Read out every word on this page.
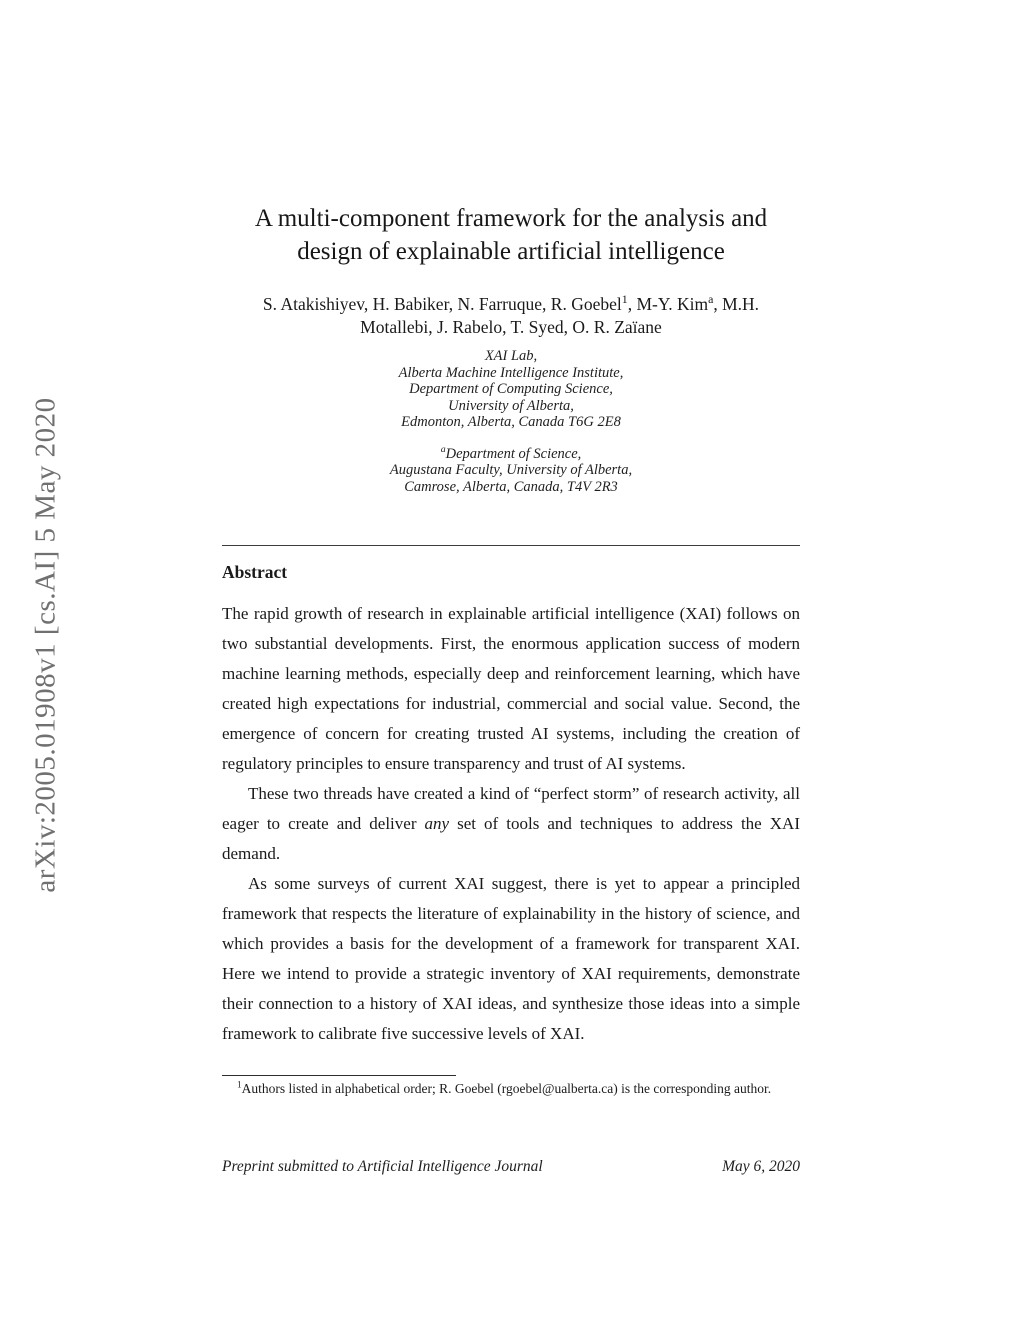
arXiv:2005.01908v1 [cs.AI] 5 May 2020
A multi-component framework for the analysis and
design of explainable artificial intelligence
S. Atakishiyev, H. Babiker, N. Farruque, R. Goebel$^1$, M-Y. Kim$^a$, M.H.
Motallebi, J. Rabelo, T. Syed, O. R. Zaïane
XAI Lab,
Alberta Machine Intelligence Institute,
Department of Computing Science,
University of Alberta,
Edmonton, Alberta, Canada T6G 2E8
$^a$Department of Science,
Augustana Faculty, University of Alberta,
Camrose, Alberta, Canada, T4V 2R3
Abstract

The rapid growth of research in explainable artificial intelligence (XAI) follows on two substantial developments. First, the enormous application success of modern machine learning methods, especially deep and reinforcement learning, which have created high expectations for industrial, commercial and social value. Second, the emergence of concern for creating trusted AI systems, including the creation of regulatory principles to ensure transparency and trust of AI systems.

These two threads have created a kind of “perfect storm” of research activity, all eager to create and deliver any set of tools and techniques to address the XAI demand.

As some surveys of current XAI suggest, there is yet to appear a principled framework that respects the literature of explainability in the history of science, and which provides a basis for the development of a framework for transparent XAI. Here we intend to provide a strategic inventory of XAI requirements, demonstrate their connection to a history of XAI ideas, and synthesize those ideas into a simple framework to calibrate five successive levels of XAI.

$^1$Authors listed in alphabetical order; R. Goebel (rgoebel@ualberta.ca) is the corresponding author.
Preprint submitted to Artificial Intelligence Journal	May 6, 2020
